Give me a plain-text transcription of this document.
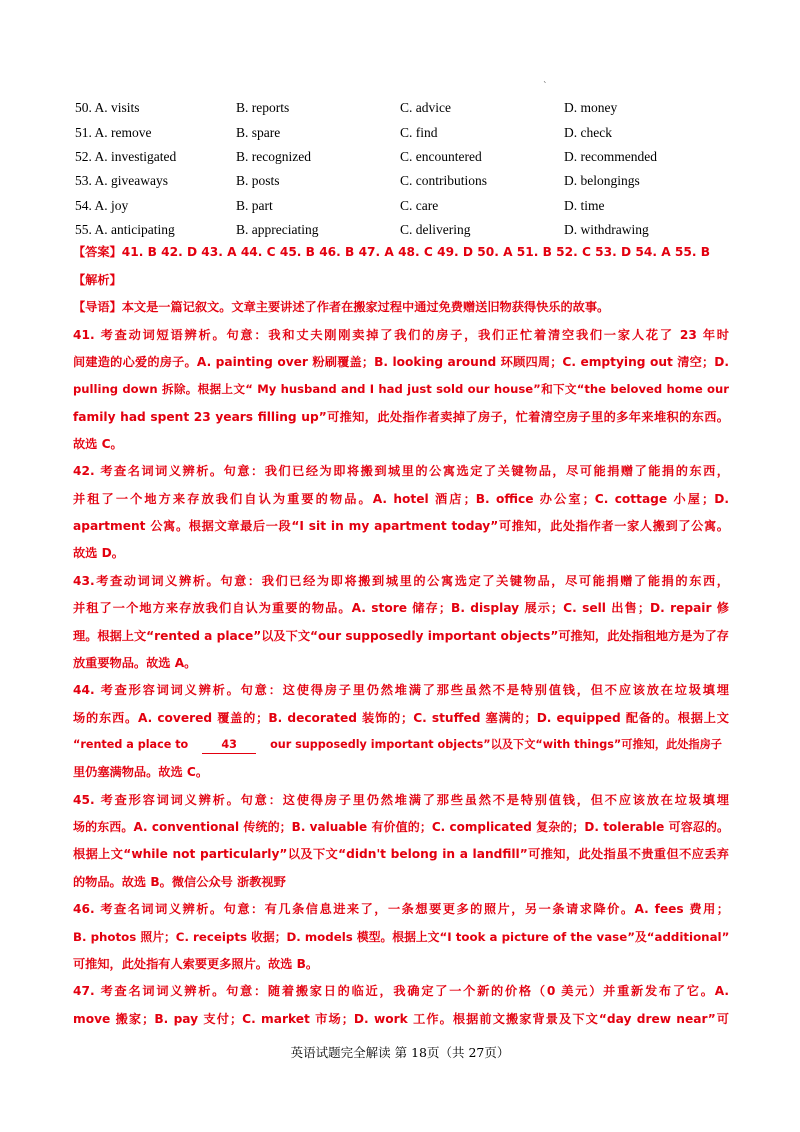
`
50. A. visits	B. reports	C. advice	D. money
51. A. remove	B. spare	C. find	D. check
52. A. investigated	B. recognized	C. encountered	D. recommended
53. A. giveaways	B. posts	C. contributions	D. belongings
54. A. joy	B. part	C. care	D. time
55. A. anticipating	B. appreciating	C. delivering	D. withdrawing
【答案】41. B 42. D 43. A 44. C 45. B 46. B 47. A 48. C 49. D 50. A 51. B 52. C 53. D 54. A 55. B
【解析】
【导语】本文是一篇记叙文。文章主要讲述了作者在搬家过程中通过免费赠送旧物获得快乐的故事。
41. 考查动词短语辨析。句意：我和丈夫刚刚卖掉了我们的房子，我们正忙着清空我们一家人花了 23 年时
间建造的心爱的房子。A. painting over 粉刷覆盖；B. looking around 环顾四周；C. emptying out 清空；D.
pulling down 拆除。根据上文“ My husband and I had just sold our house”和下文“the beloved home our
family had spent 23 years filling up”可推知，此处指作者卖掉了房子，忙着清空房子里的多年来堆积的东西。
故选 C。
42. 考查名词词义辨析。句意：我们已经为即将搬到城里的公寓选定了关键物品，尽可能捐赠了能捐的东西，
并租了一个地方来存放我们自认为重要的物品。A. hotel 酒店；B. office 办公室；C. cottage 小屋；D.
apartment 公寓。根据文章最后一段“I sit in my apartment today”可推知，此处指作者一家人搬到了公寓。
故选 D。
43.考查动词词义辨析。句意：我们已经为即将搬到城里的公寓选定了关键物品，尽可能捐赠了能捐的东西，
并租了一个地方来存放我们自认为重要的物品。A. store 储存；B. display 展示；C. sell 出售；D. repair 修
理。根据上文“rented a place”以及下文“our supposedly important objects”可推知，此处指租地方是为了存
放重要物品。故选 A。
44. 考查形容词词义辨析。句意：这使得房子里仍然堆满了那些虽然不是特别值钱，但不应该放在垃圾填埋
场的东西。A. covered 覆盖的；B. decorated 装饰的；C. stuffed 塞满的；D. equipped 配备的。根据上文
“rented a place to	43	our supposedly important objects”以及下文“with things”可推知，此处指房子
里仍塞满物品。故选 C。
45. 考查形容词词义辨析。句意：这使得房子里仍然堆满了那些虽然不是特别值钱，但不应该放在垃圾填埋
场的东西。A. conventional 传统的；B. valuable 有价值的；C. complicated 复杂的；D. tolerable 可容忍的。
根据上文“while not particularly”以及下文“didn't belong in a landfill”可推知，此处指虽不贵重但不应丢弃
的物品。故选 B。微信公众号 浙教视野
46. 考查名词词义辨析。句意：有几条信息进来了，一条想要更多的照片，另一条请求降价。A. fees 费用；
B. photos 照片；C. receipts 收据；D. models 模型。根据上文“I took a picture of the vase”及“additional”
可推知，此处指有人索要更多照片。故选 B。
47. 考查名词词义辨析。句意：随着搬家日的临近，我确定了一个新的价格（0 美元）并重新发布了它。A.
move 搬家；B. pay 支付；C. market 市场；D. work 工作。根据前文搬家背景及下文“day drew near”可
英语试题完全解读 第 18页（共 27页）
